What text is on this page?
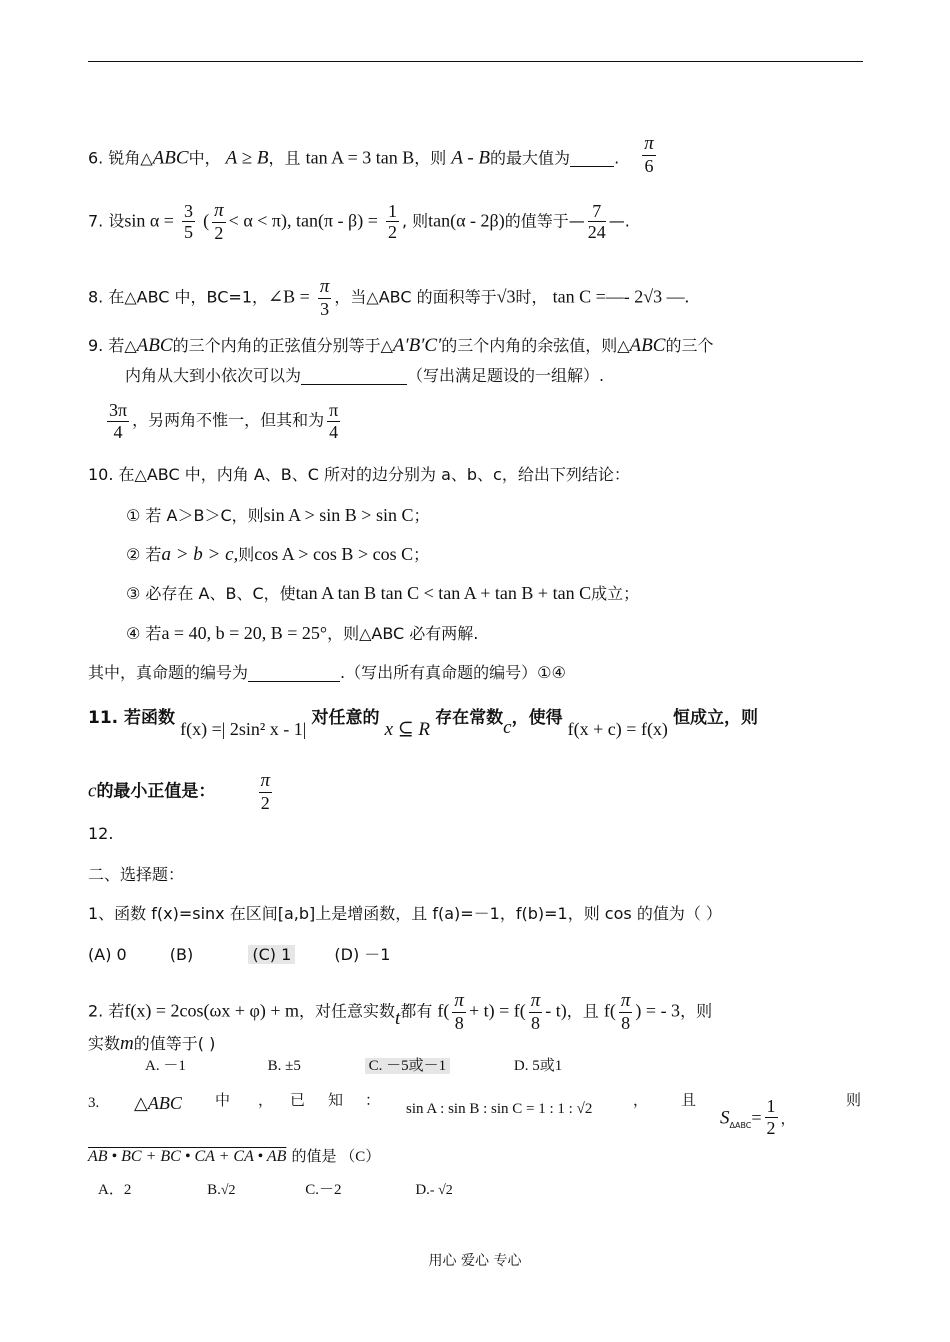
6. 锐角△ABC中， A ≥ B，且 tan A = 3 tan B，则 A - B的最大值为	. $\frac{\pi}{6}$
7. 设$\sin \alpha = \frac{3}{5}$ ( $\frac{\pi}{2} < \alpha < \pi$), $\tan(\pi - \beta) = \frac{1}{2}$ , 则tan(α - 2β)的值等于— $\frac{7}{24}$ —.
8. 在△ABC 中，BC=1，∠B = $\frac{\pi}{3}$ ，当△ABC 的面积等于√3时， tan C =—- 2√3 —.
9. 若△ABC的三个内角的正弦值分别等于△A′B′C′的三个内角的余弦值，则△ABC的三个
内角从大到小依次可以为	（写出满足题设的一组解）.
$\frac{3\pi}{4}$ ，另两角不惟一，但其和为 $\frac{\pi}{4}$
10. 在△ABC 中，内角 A、B、C 所对的边分别为 a、b、c，给出下列结论：
① 若 A＞B＞C，则sin A > sin B > sin C；
② 若a > b > c,则cos A > cos B > cos C；
③ 必存在 A、B、C，使tan A tan B tan C < tan A + tan B + tan C成立；
④ 若a = 40, b = 20, B = 25°，则△ABC 必有两解.
其中，真命题的编号为	.（写出所有真命题的编号）①④
11. 若函数 f(x) =| 2sin² x - 1| 对任意的 x ⊆ R 存在常数c，使得 f(x + c) = f(x) 恒成立，则
c的最小正值是： $\frac{\pi}{2}$
12.
二、选择题：
1、函数 f(x)=sinx 在区间[a,b]上是增函数，且 f(a)=－1，f(b)=1，则 cos 的值为（ ）
(A) 0	(B)	(C) 1	(D) －1
2. 若f(x) = 2cos(ωx + φ) + m，对任意实数t都有 $f( \frac{\pi}{8} + t) = f( \frac{\pi}{8} - t)$，且 $f( \frac{\pi}{8}$ ) = - 3，则
实数m的值等于( )
A. －1	B. ±5	C. －5或－1	D. 5或1
3. △ABC 中 ， 已 知 ： sin A : sin B : sin C = 1 : 1 : √2	， 且
$S_{\Delta ABC}= \frac{1}{2}$ ，
则
AB • BC + BC • CA + CA • AB 的值是 （C）
A．2	B.√2	C.－2	D.- √2
用心 爱心 专心
